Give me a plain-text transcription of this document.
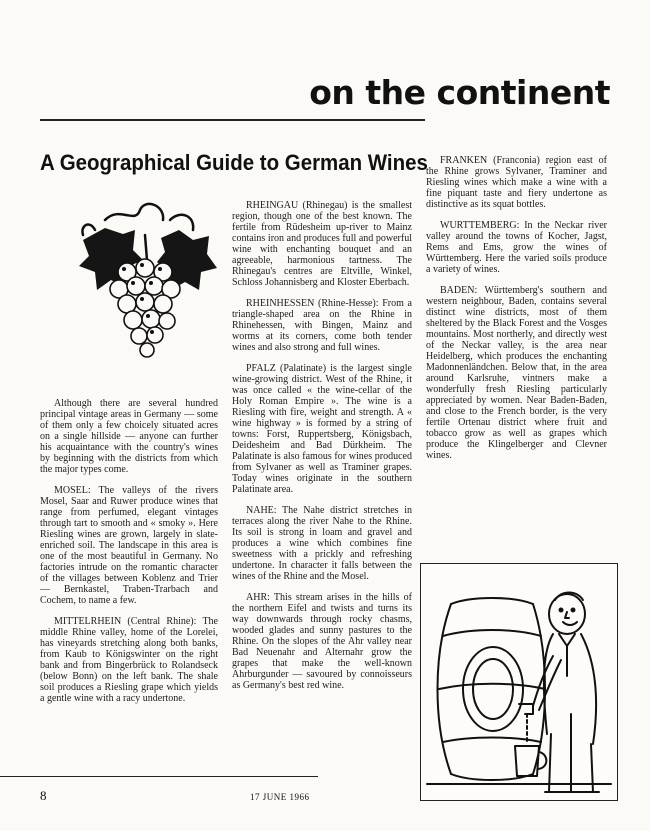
on the continent
A Geographical Guide to German Wines

Although there are several hundred principal vintage areas in Germany — some of them only a few choicely situated acres on a single hillside — anyone can further his acquaintance with the country's wines by beginning with the districts from which the major types come.

MOSEL: The valleys of the rivers Mosel, Saar and Ruwer produce wines that range from perfumed, elegant vintages through tart to smooth and « smoky ». Here Riesling wines are grown, largely in slate-enriched soil. The landscape in this area is one of the most beautiful in Germany. No factories intrude on the romantic character of the villages between Koblenz and Trier — Bernkastel, Traben-Trarbach and Cochem, to name a few.

MITTELRHEIN (Central Rhine): The middle Rhine valley, home of the Lorelei, has vineyards stretching along both banks, from Kaub to Königswinter on the right bank and from Bingerbrück to Rolandseck (below Bonn) on the left bank. The shale soil produces a Riesling grape which yields a gentle wine with a racy undertone.

RHEINGAU (Rhinegau) is the smallest region, though one of the best known. The fertile from Rüdesheim up-river to Mainz contains iron and produces full and powerful wine with enchanting bouquet and an agreeable, harmonious tartness. The Rhinegau's centres are Eltville, Winkel, Schloss Johannisberg and Kloster Eberbach.

RHEINHESSEN (Rhine-Hesse): From a triangle-shaped area on the Rhine in Rhinehessen, with Bingen, Mainz and worms at its corners, come both tender wines and also strong and full wines.

PFALZ (Palatinate) is the largest single wine-growing district. West of the Rhine, it was once called « the wine-cellar of the Holy Roman Empire ». The wine is a Riesling with fire, weight and strength. A « wine highway » is formed by a string of towns: Forst, Ruppertsberg, Königsbach, Deidesheim and Bad Dürkheim. The Palatinate is also famous for wines produced from Sylvaner as well as Traminer grapes. Today wines originate in the southern Palatinate area.

NAHE: The Nahe district stretches in terraces along the river Nahe to the Rhine. Its soil is strong in loam and gravel and produces a wine which combines fine sweetness with a prickly and refreshing undertone. In character it falls between the wines of the Rhine and the Mosel.

AHR: This stream arises in the hills of the northern Eifel and twists and turns its way downwards through rocky chasms, wooded glades and sunny pastures to the Rhine. On the slopes of the Ahr valley near Bad Neuenahr and Alternahr grow the grapes that make the well-known Ahrburgunder — savoured by connoisseurs as Germany's best red wine.

FRANKEN (Franconia) region east of the Rhine grows Sylvaner, Traminer and Riesling wines which make a wine with a fine piquant taste and fiery undertone as distinctive as its squat bottles.

WURTTEMBERG: In the Neckar river valley around the towns of Kocher, Jagst, Rems and Ems, grow the wines of Württemberg. Here the varied soils produce a variety of wines.

BADEN: Württemberg's southern and western neighbour, Baden, contains several distinct wine districts, most of them sheltered by the Black Forest and the Vosges mountains. Most northerly, and directly west of the Neckar valley, is the area near Heidelberg, which produces the enchanting Madonnenländchen. Below that, in the area around Karlsruhe, vintners make a wonderfully fresh Riesling particularly appreciated by women. Near Baden-Baden, and close to the French border, is the very fertile Ortenau district where fruit and tobacco grow as well as grapes which produce the Klingelberger and Clevner wines.

8	17 JUNE 1966
